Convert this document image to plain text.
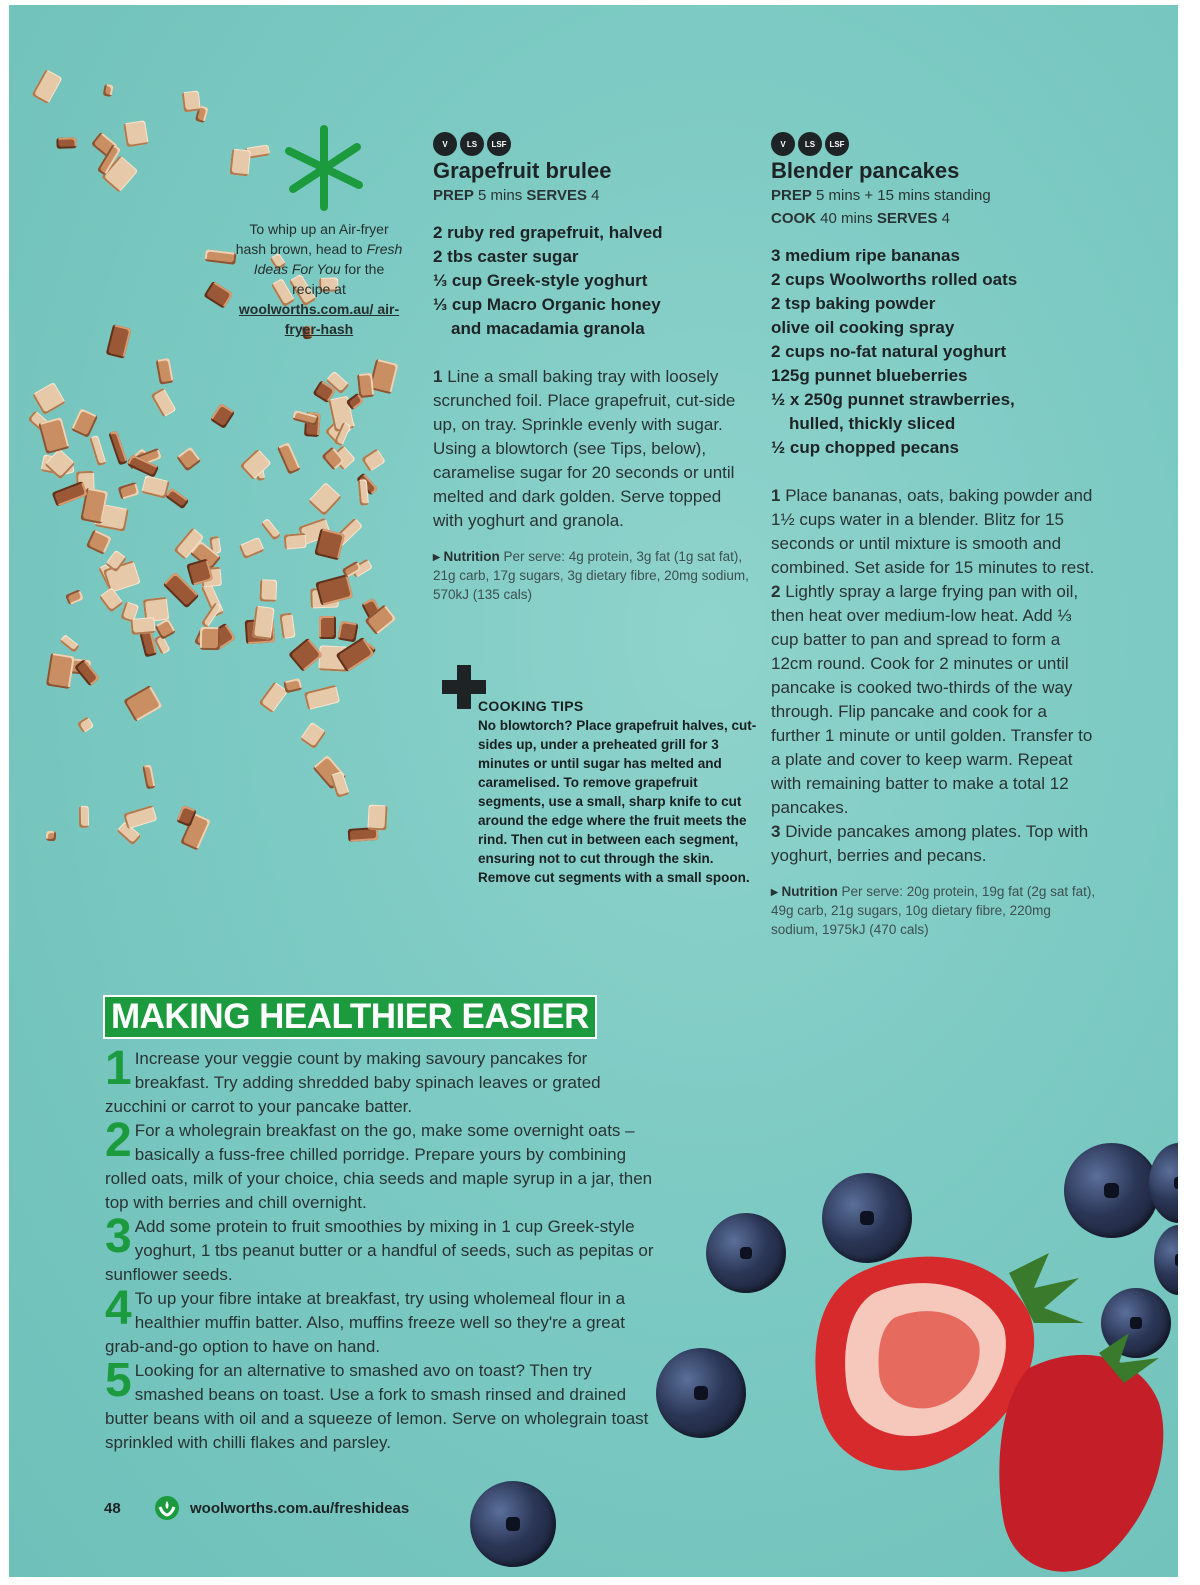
To whip up an Air-fryer hash brown, head to Fresh Ideas For You for the recipe at woolworths.com.au/ air-fryer-hash
V	LS	LSF
Grapefruit brulee
PREP 5 mins SERVES 4
2 ruby red grapefruit, halved
2 tbs caster sugar
⅓ cup Greek-style yoghurt
⅓ cup Macro Organic honey
and macadamia granola
1 Line a small baking tray with loosely scrunched foil. Place grapefruit, cut-side up, on tray. Sprinkle evenly with sugar. Using a blowtorch (see Tips, below), caramelise sugar for 20 seconds or until melted and dark golden. Serve topped with yoghurt and granola.
▸ Nutrition Per serve: 4g protein, 3g fat (1g sat fat), 21g carb, 17g sugars, 3g dietary fibre, 20mg sodium, 570kJ (135 cals)
COOKING TIPS
No blowtorch? Place grapefruit halves, cut-sides up, under a preheated grill for 3 minutes or until sugar has melted and caramelised. To remove grapefruit segments, use a small, sharp knife to cut around the edge where the fruit meets the rind. Then cut in between each segment, ensuring not to cut through the skin. Remove cut segments with a small spoon.
V	LS	LSF
Blender pancakes
PREP 5 mins + 15 mins standing
COOK 40 mins SERVES 4
3 medium ripe bananas
2 cups Woolworths rolled oats
2 tsp baking powder
olive oil cooking spray
2 cups no-fat natural yoghurt
125g punnet blueberries
½ x 250g punnet strawberries,
hulled, thickly sliced
½ cup chopped pecans
1 Place bananas, oats, baking powder and 1½ cups water in a blender. Blitz for 15 seconds or until mixture is smooth and combined. Set aside for 15 minutes to rest.
2 Lightly spray a large frying pan with oil, then heat over medium-low heat. Add ⅓ cup batter to pan and spread to form a 12cm round. Cook for 2 minutes or until pancake is cooked two-thirds of the way through. Flip pancake and cook for a further 1 minute or until golden. Transfer to a plate and cover to keep warm. Repeat with remaining batter to make a total 12 pancakes.
3 Divide pancakes among plates. Top with yoghurt, berries and pecans.
▸ Nutrition Per serve: 20g protein, 19g fat (2g sat fat), 49g carb, 21g sugars, 10g dietary fibre, 220mg sodium, 1975kJ (470 cals)
MAKING HEALTHIER EASIER

1 Increase your veggie count by making savoury pancakes for breakfast. Try adding shredded baby spinach leaves or grated zucchini or carrot to your pancake batter.

2 For a wholegrain breakfast on the go, make some overnight oats – basically a fuss-free chilled porridge. Prepare yours by combining rolled oats, milk of your choice, chia seeds and maple syrup in a jar, then top with berries and chill overnight.

3 Add some protein to fruit smoothies by mixing in 1 cup Greek-style yoghurt, 1 tbs peanut butter or a handful of seeds, such as pepitas or sunflower seeds.

4 To up your fibre intake at breakfast, try using wholemeal flour in a healthier muffin batter. Also, muffins freeze well so they're a great grab-and-go option to have on hand.

5 Looking for an alternative to smashed avo on toast? Then try smashed beans on toast. Use a fork to smash rinsed and drained butter beans with oil and a squeeze of lemon. Serve on wholegrain toast sprinkled with chilli flakes and parsley.

48	woolworths.com.au/freshideas
